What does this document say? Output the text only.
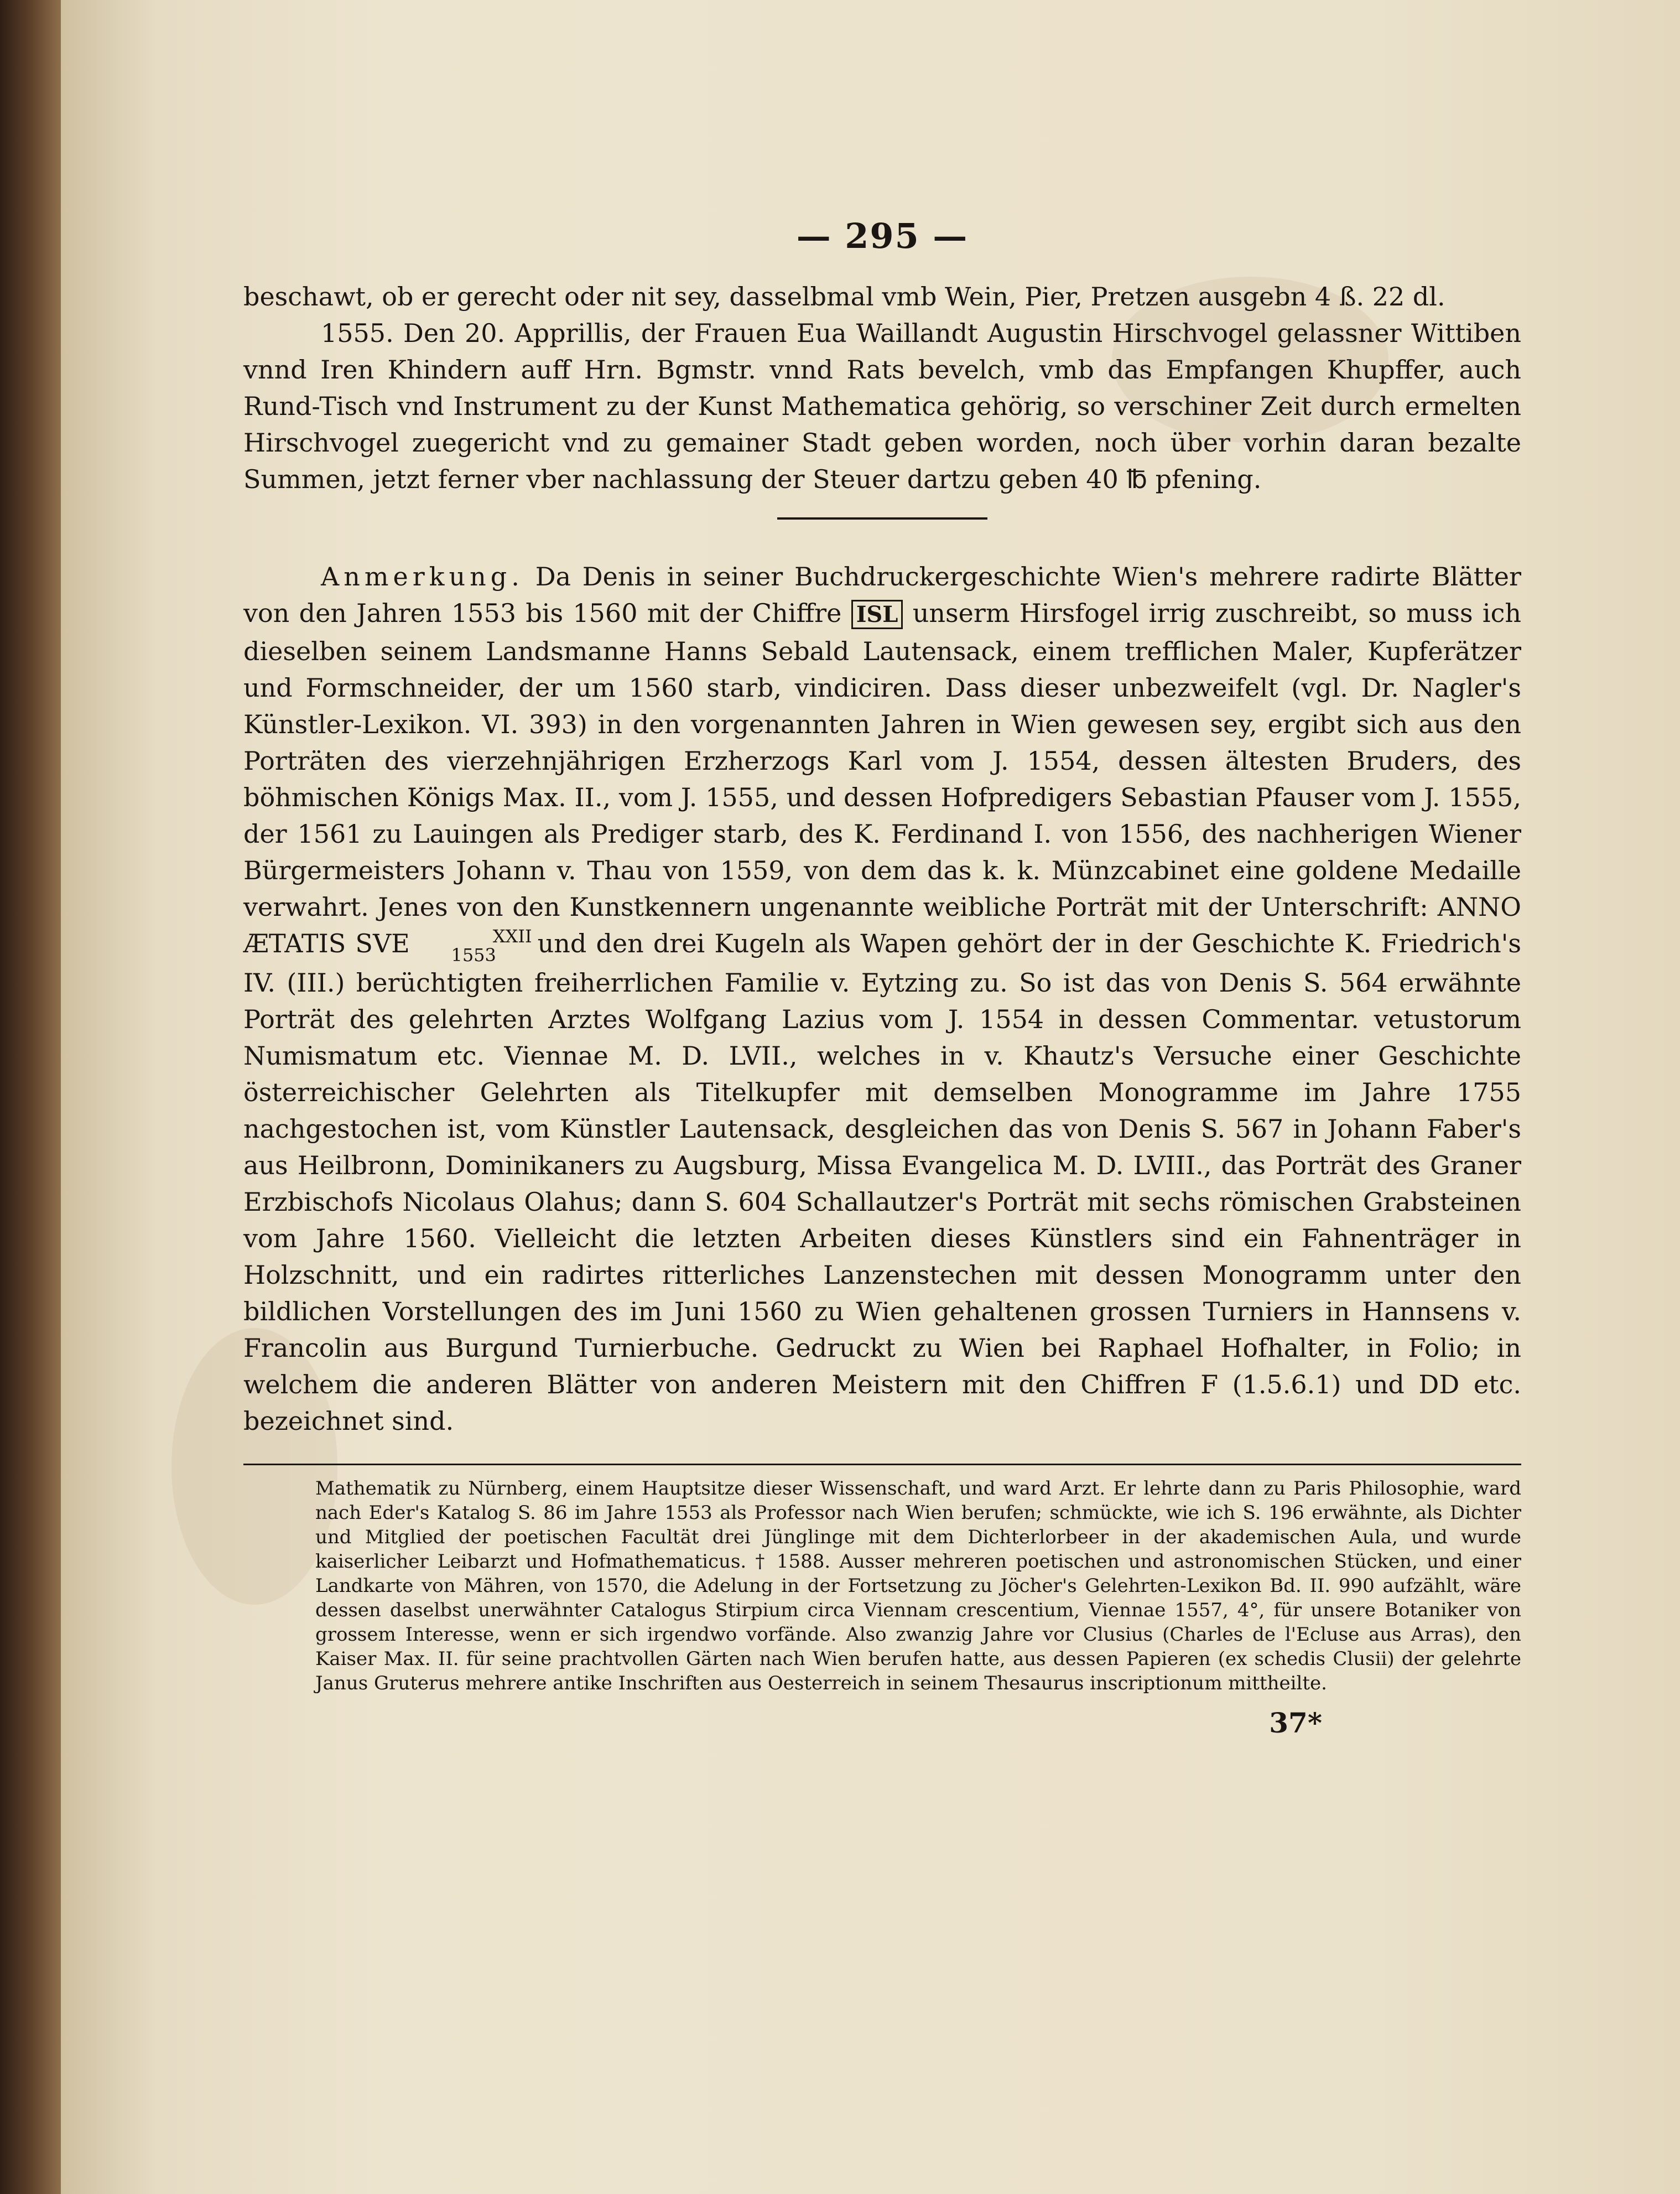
— 295 —

beschawt, ob er gerecht oder nit sey, dasselbmal vmb Wein, Pier, Pretzen ausgebn 4 ß. 22 dl.

1555. Den 20. Apprillis, der Frauen Eua Waillandt Augustin Hirschvogel gelassner Wittiben vnnd Iren Khindern auff Hrn. Bgmstr. vnnd Rats bevelch, vmb das Empfangen Khupffer, auch Rund-Tisch vnd Instrument zu der Kunst Mathematica gehörig, so verschiner Zeit durch ermelten Hirschvogel zuegericht vnd zu gemainer Stadt geben worden, noch über vorhin daran bezalte Summen, jetzt ferner vber nachlassung der Steuer dartzu geben 40 ℔ pfening.

Anmerkung. Da Denis in seiner Buchdruckergeschichte Wien's mehrere radirte Blätter von den Jahren 1553 bis 1560 mit der Chiffre ISL unserm Hirsfogel irrig zuschreibt, so muss ich dieselben seinem Landsmanne Hanns Sebald Lautensack, einem trefflichen Maler, Kupferätzer und Formschneider, der um 1560 starb, vindiciren. Dass dieser unbezweifelt (vgl. Dr. Nagler's Künstler-Lexikon. VI. 393) in den vorgenannten Jahren in Wien gewesen sey, ergibt sich aus den Porträten des vierzehnjährigen Erzherzogs Karl vom J. 1554, dessen ältesten Bruders, des böhmischen Königs Max. II., vom J. 1555, und dessen Hofpredigers Sebastian Pfauser vom J. 1555, der 1561 zu Lauingen als Prediger starb, des K. Ferdinand I. von 1556, des nachherigen Wiener Bürgermeisters Johann v. Thau von 1559, von dem das k. k. Münzcabinet eine goldene Medaille verwahrt. Jenes von den Kunstkennern ungenannte weibliche Porträt mit der Unterschrift: ANNO ÆTATIS SVE	XXII
1553 und den drei Kugeln als Wapen gehört der in der Geschichte K. Friedrich's IV. (III.) berüchtigten freiherrlichen Familie v. Eytzing zu. So ist das von Denis S. 564 erwähnte Porträt des gelehrten Arztes Wolfgang Lazius vom J. 1554 in dessen Commentar. vetustorum Numismatum etc. Viennae M. D. LVII., welches in v. Khautz's Versuche einer Geschichte österreichischer Gelehrten als Titelkupfer mit demselben Monogramme im Jahre 1755 nachgestochen ist, vom Künstler Lautensack, desgleichen das von Denis S. 567 in Johann Faber's aus Heilbronn, Dominikaners zu Augsburg, Missa Evangelica M. D. LVIII., das Porträt des Graner Erzbischofs Nicolaus Olahus; dann S. 604 Schallautzer's Porträt mit sechs römischen Grabsteinen vom Jahre 1560. Vielleicht die letzten Arbeiten dieses Künstlers sind ein Fahnenträger in Holzschnitt, und ein radirtes ritterliches Lanzenstechen mit dessen Monogramm unter den bildlichen Vorstellungen des im Juni 1560 zu Wien gehaltenen grossen Turniers in Hannsens v. Francolin aus Burgund Turnierbuche. Gedruckt zu Wien bei Raphael Hofhalter, in Folio; in welchem die anderen Blätter von anderen Meistern mit den Chiffren F (1.5.6.1) und DD etc. bezeichnet sind.

Mathematik zu Nürnberg, einem Hauptsitze dieser Wissenschaft, und ward Arzt. Er lehrte dann zu Paris Philosophie, ward nach Eder's Katalog S. 86 im Jahre 1553 als Professor nach Wien berufen; schmückte, wie ich S. 196 erwähnte, als Dichter und Mitglied der poetischen Facultät drei Jünglinge mit dem Dichterlorbeer in der akademischen Aula, und wurde kaiserlicher Leibarzt und Hofmathematicus. † 1588. Ausser mehreren poetischen und astronomischen Stücken, und einer Landkarte von Mähren, von 1570, die Adelung in der Fortsetzung zu Jöcher's Gelehrten-Lexikon Bd. II. 990 aufzählt, wäre dessen daselbst unerwähnter Catalogus Stirpium circa Viennam crescentium, Viennae 1557, 4°, für unsere Botaniker von grossem Interesse, wenn er sich irgendwo vorfände. Also zwanzig Jahre vor Clusius (Charles de l'Ecluse aus Arras), den Kaiser Max. II. für seine prachtvollen Gärten nach Wien berufen hatte, aus dessen Papieren (ex schedis Clusii) der gelehrte Janus Gruterus mehrere antike Inschriften aus Oesterreich in seinem Thesaurus inscriptionum mittheilte.

37*
